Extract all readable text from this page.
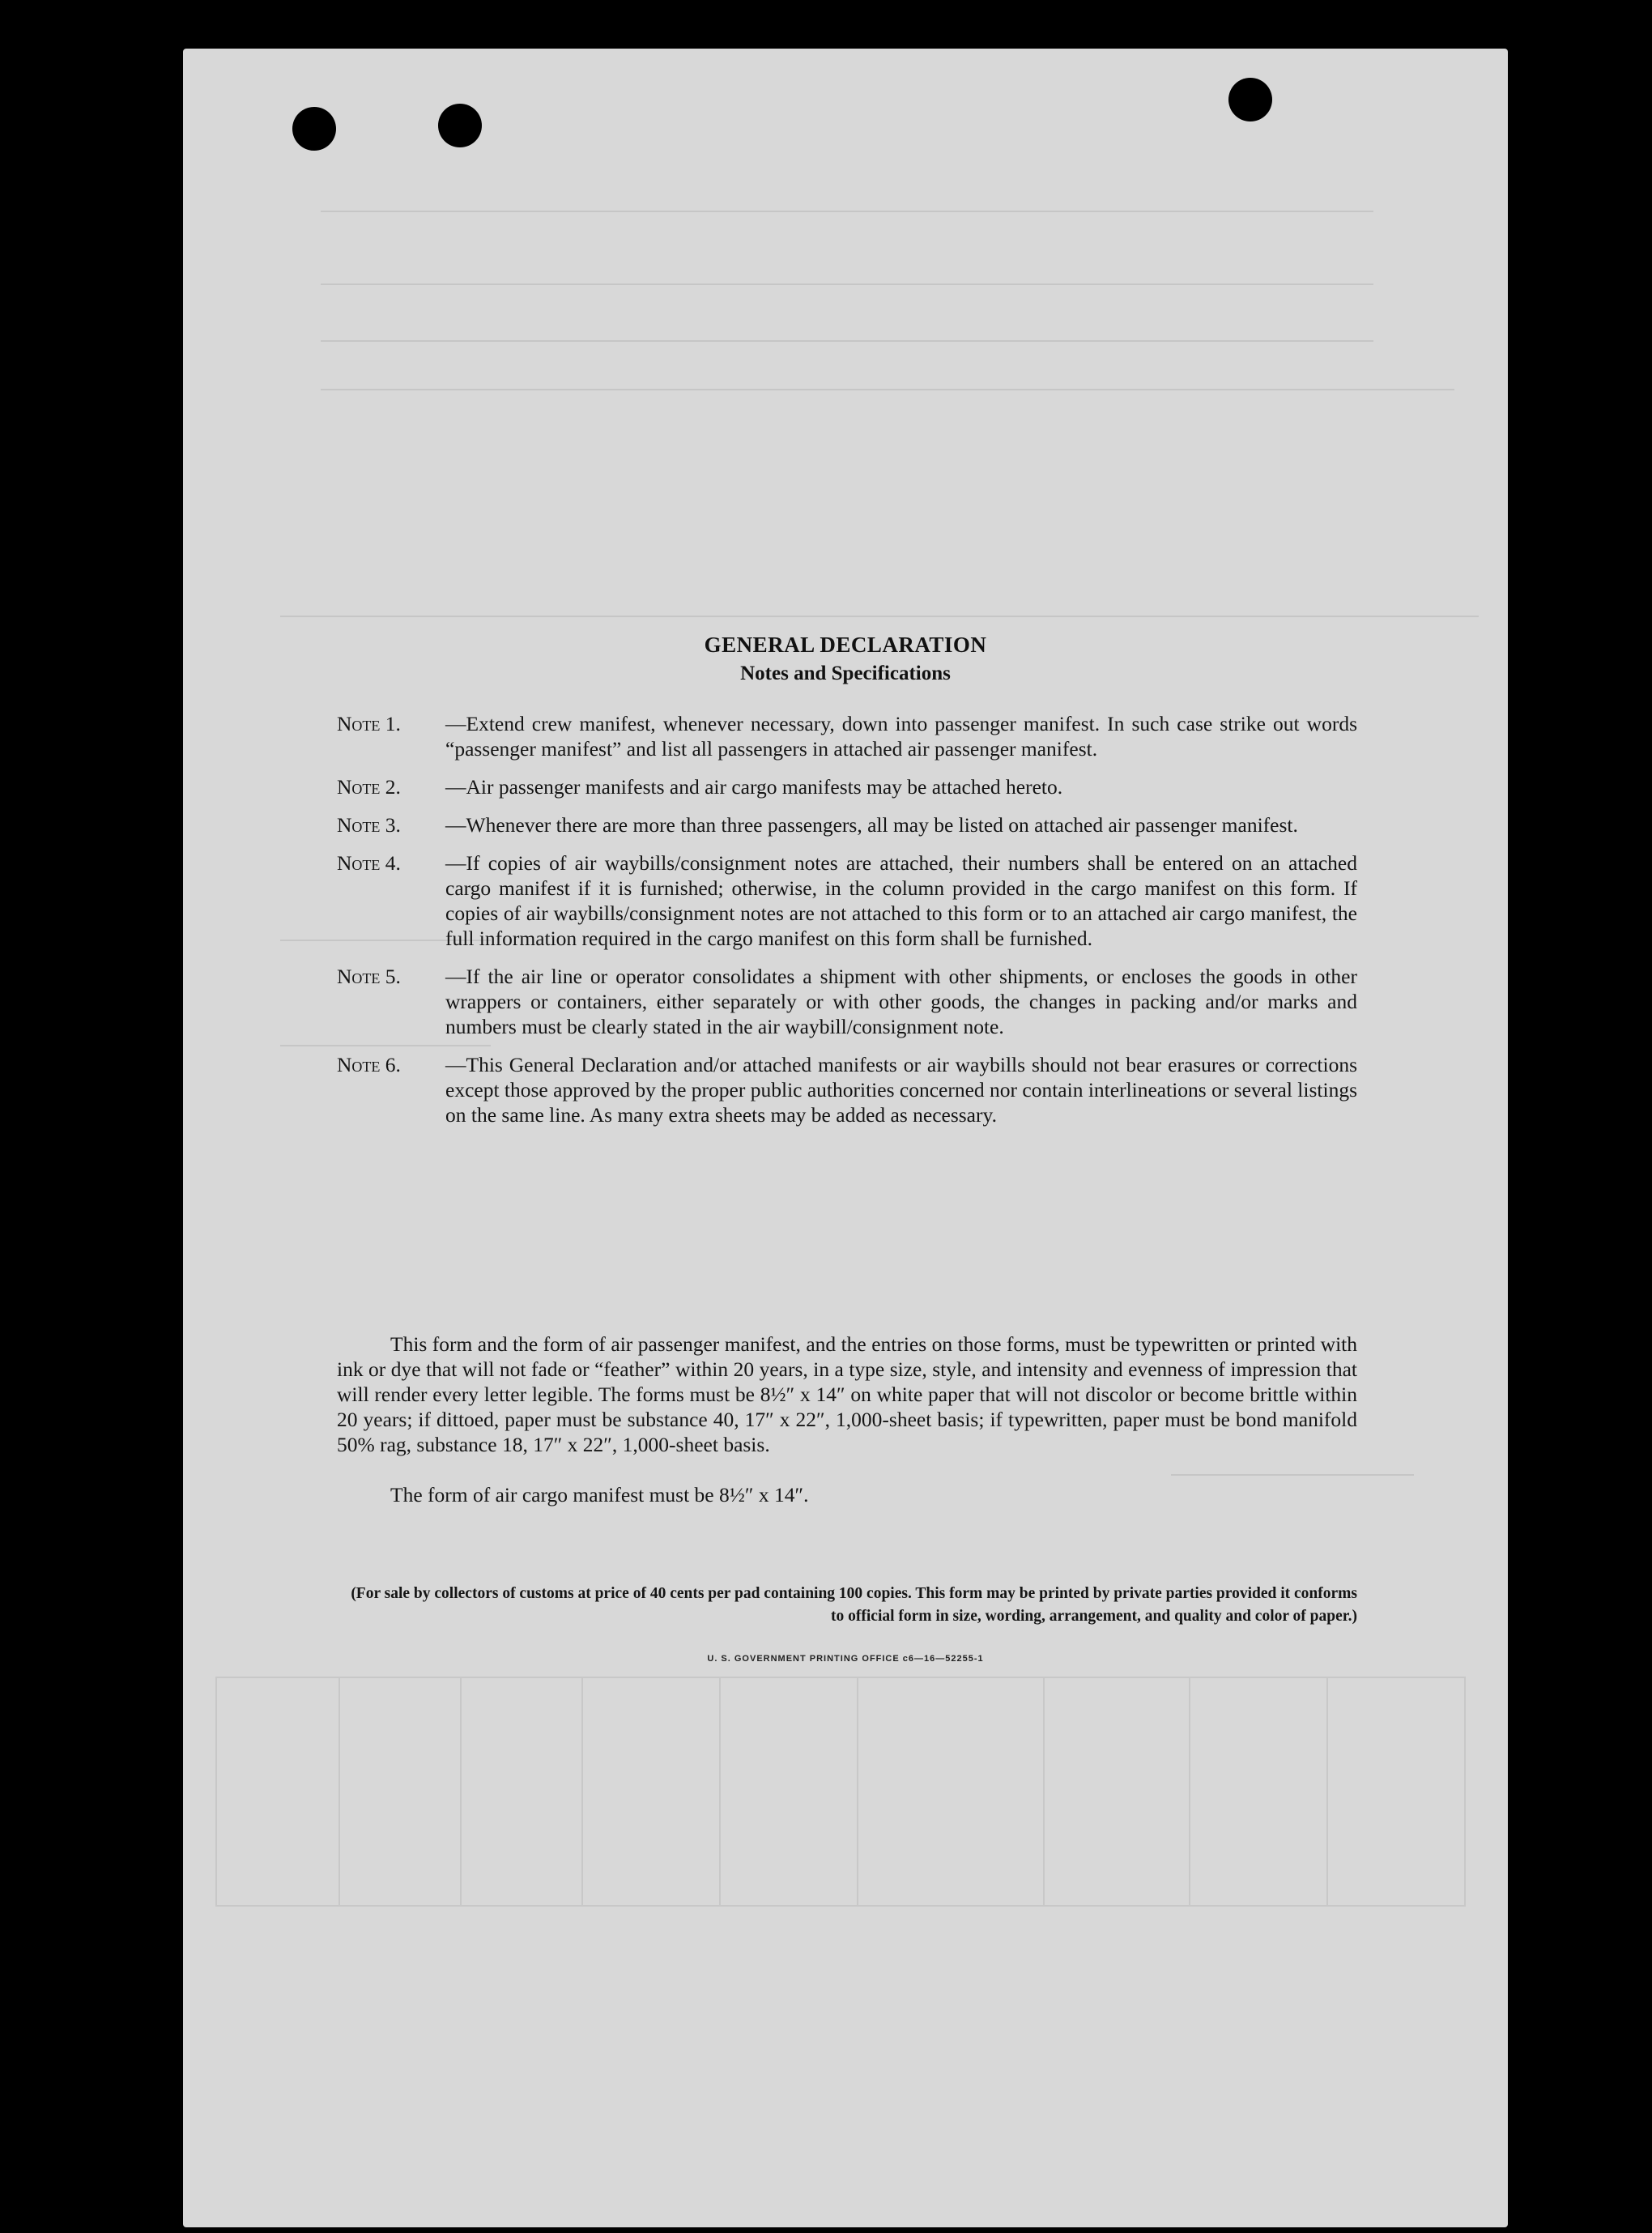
GENERAL DECLARATION
Notes and Specifications
Note 1. —Extend crew manifest, whenever necessary, down into passenger manifest. In such case strike out words “passenger manifest” and list all passengers in attached air passenger manifest.
Note 2. —Air passenger manifests and air cargo manifests may be attached hereto.
Note 3. —Whenever there are more than three passengers, all may be listed on attached air passenger manifest.
Note 4. —If copies of air waybills/consignment notes are attached, their numbers shall be entered on an attached cargo manifest if it is furnished; otherwise, in the column provided in the cargo manifest on this form. If copies of air waybills/consignment notes are not attached to this form or to an attached air cargo manifest, the full information required in the cargo manifest on this form shall be furnished.
Note 5. —If the air line or operator consolidates a shipment with other shipments, or encloses the goods in other wrappers or containers, either separately or with other goods, the changes in packing and/or marks and numbers must be clearly stated in the air waybill/consignment note.
Note 6. —This General Declaration and/or attached manifests or air waybills should not bear erasures or corrections except those approved by the proper public authorities concerned nor contain interlineations or several listings on the same line. As many extra sheets may be added as necessary.
This form and the form of air passenger manifest, and the entries on those forms, must be typewritten or printed with ink or dye that will not fade or “feather” within 20 years, in a type size, style, and intensity and evenness of impression that will render every letter legible. The forms must be 8½″ x 14″ on white paper that will not discolor or become brittle within 20 years; if dittoed, paper must be substance 40, 17″ x 22″, 1,000-sheet basis; if typewritten, paper must be bond manifold 50% rag, substance 18, 17″ x 22″, 1,000-sheet basis.
The form of air cargo manifest must be 8½″ x 14″.
(For sale by collectors of customs at price of 40 cents per pad containing 100 copies. This form may be printed by private parties provided it conforms to official form in size, wording, arrangement, and quality and color of paper.)
U. S. GOVERNMENT PRINTING OFFICE c6—16—52255-1
